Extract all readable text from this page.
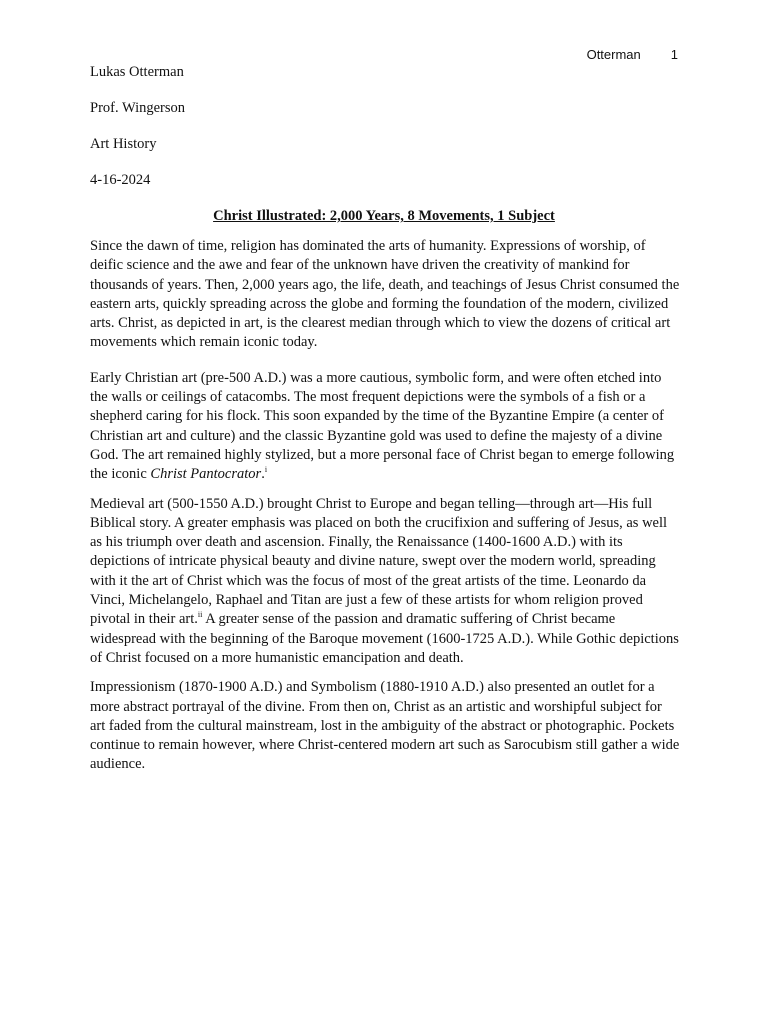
Otterman 1

Lukas Otterman

Prof. Wingerson

Art History

4-16-2024

Christ Illustrated: 2,000 Years, 8 Movements, 1 Subject

Since the dawn of time, religion has dominated the arts of humanity. Expressions of worship, of deific science and the awe and fear of the unknown have driven the creativity of mankind for thousands of years. Then, 2,000 years ago, the life, death, and teachings of Jesus Christ consumed the eastern arts, quickly spreading across the globe and forming the foundation of the modern, civilized arts. Christ, as depicted in art, is the clearest median through which to view the dozens of critical art movements which remain iconic today.

Early Christian art (pre-500 A.D.) was a more cautious, symbolic form, and were often etched into the walls or ceilings of catacombs. The most frequent depictions were the symbols of a fish or a shepherd caring for his flock. This soon expanded by the time of the Byzantine Empire (a center of Christian art and culture) and the classic Byzantine gold was used to define the majesty of a divine God. The art remained highly stylized, but a more personal face of Christ began to emerge following the iconic Christ Pantocrator.$^i$

Medieval art (500-1550 A.D.) brought Christ to Europe and began telling—through art—His full Biblical story. A greater emphasis was placed on both the crucifixion and suffering of Jesus, as well as his triumph over death and ascension. Finally, the Renaissance (1400-1600 A.D.) with its depictions of intricate physical beauty and divine nature, swept over the modern world, spreading with it the art of Christ which was the focus of most of the great artists of the time. Leonardo da Vinci, Michelangelo, Raphael and Titan are just a few of these artists for whom religion proved pivotal in their art.$^{ii}$ A greater sense of the passion and dramatic suffering of Christ became widespread with the beginning of the Baroque movement (1600-1725 A.D.). While Gothic depictions of Christ focused on a more humanistic emancipation and death.

Impressionism (1870-1900 A.D.) and Symbolism (1880-1910 A.D.) also presented an outlet for a more abstract portrayal of the divine. From then on, Christ as an artistic and worshipful subject for art faded from the cultural mainstream, lost in the ambiguity of the abstract or photographic. Pockets continue to remain however, where Christ-centered modern art such as Sarocubism still gather a wide audience.
